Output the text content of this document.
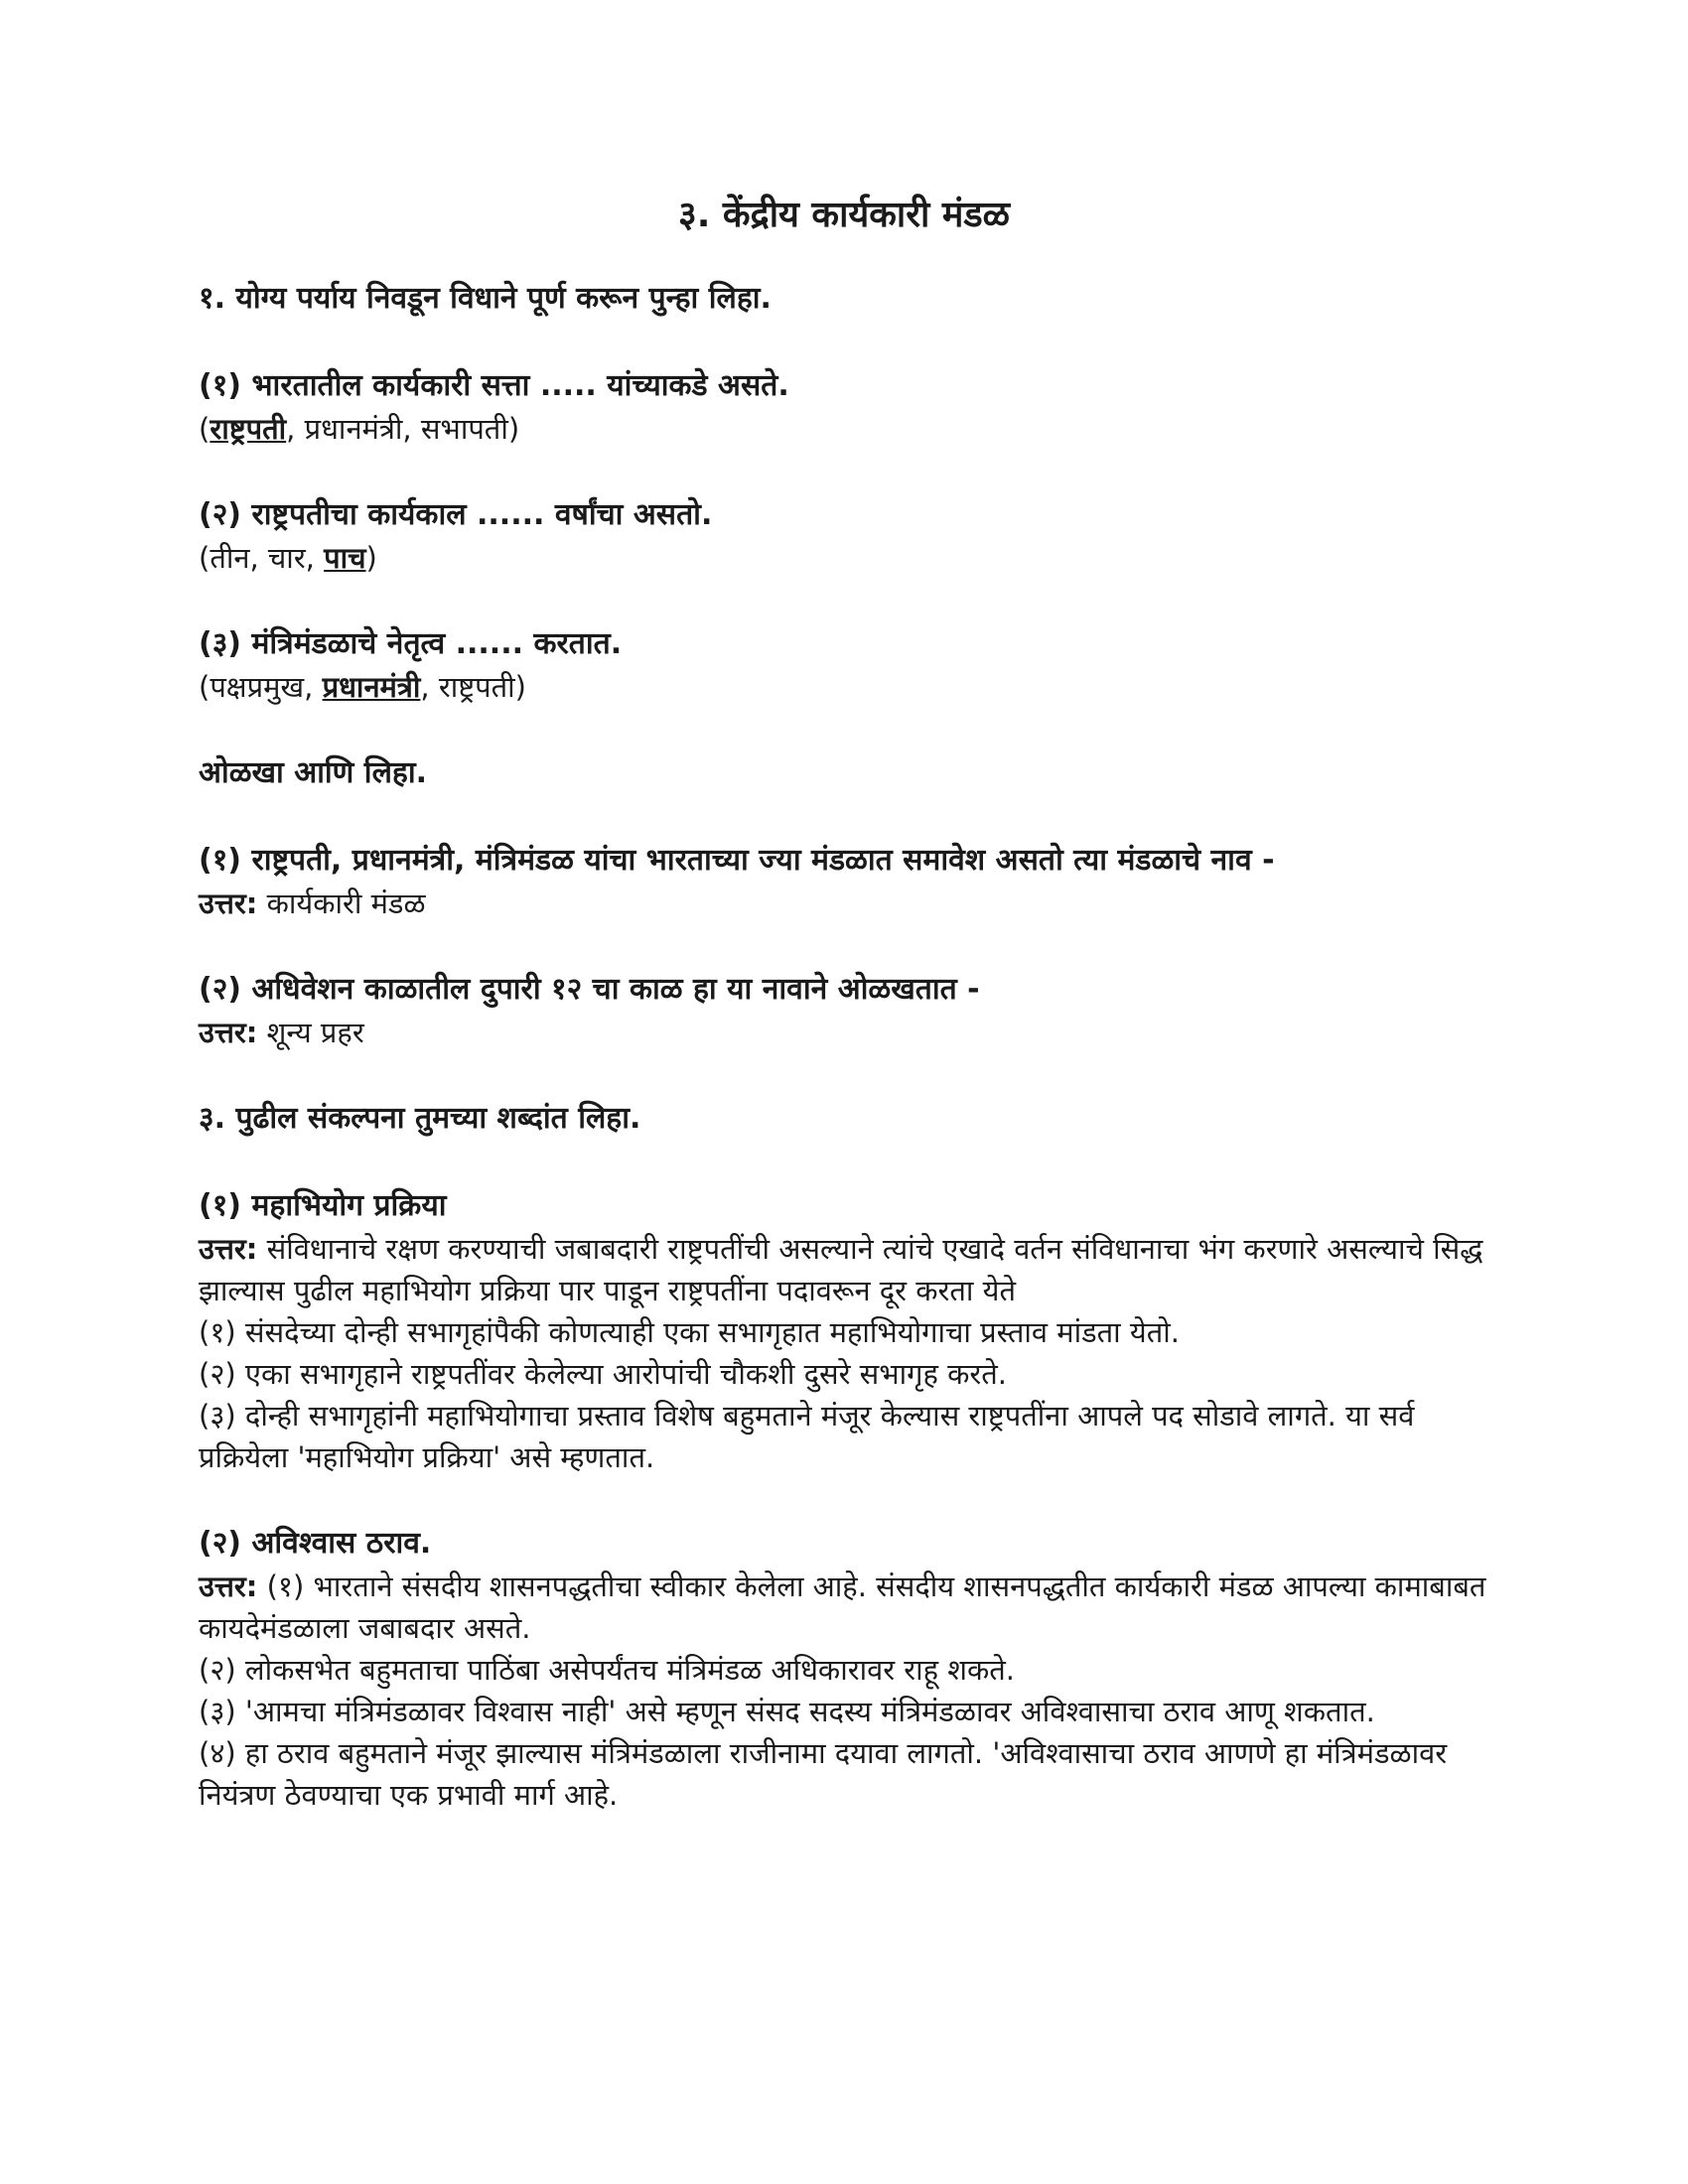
३. केंद्रीय कार्यकारी मंडळ

१. योग्य पर्याय निवडून विधाने पूर्ण करून पुन्हा लिहा.

(१) भारतातील कार्यकारी सत्ता ..... यांच्याकडे असते.

(राष्ट्रपती, प्रधानमंत्री, सभापती)

(२) राष्ट्रपतीचा कार्यकाल ...... वर्षांचा असतो.

(तीन, चार, पाच)

(३) मंत्रिमंडळाचे नेतृत्व ...... करतात.

(पक्षप्रमुख, प्रधानमंत्री, राष्ट्रपती)

ओळखा आणि लिहा.

(१) राष्ट्रपती, प्रधानमंत्री, मंत्रिमंडळ यांचा भारताच्या ज्या मंडळात समावेश असतो त्या मंडळाचे नाव -

उत्तर: कार्यकारी मंडळ

(२) अधिवेशन काळातील दुपारी १२ चा काळ हा या नावाने ओळखतात -

उत्तर: शून्य प्रहर

३. पुढील संकल्पना तुमच्या शब्दांत लिहा.

(१) महाभियोग प्रक्रिया

उत्तर: संविधानाचे रक्षण करण्याची जबाबदारी राष्ट्रपतींची असल्याने त्यांचे एखादे वर्तन संविधानाचा भंग करणारे असल्याचे सिद्ध झाल्यास पुढील महाभियोग प्रक्रिया पार पाडून राष्ट्रपतींना पदावरून दूर करता येते

(१) संसदेच्या दोन्ही सभागृहांपैकी कोणत्याही एका सभागृहात महाभियोगाचा प्रस्ताव मांडता येतो.

(२) एका सभागृहाने राष्ट्रपतींवर केलेल्या आरोपांची चौकशी दुसरे सभागृह करते.

(३) दोन्ही सभागृहांनी महाभियोगाचा प्रस्ताव विशेष बहुमताने मंजूर केल्यास राष्ट्रपतींना आपले पद सोडावे लागते. या सर्व प्रक्रियेला 'महाभियोग प्रक्रिया' असे म्हणतात.

(२) अविश्वास ठराव.

उत्तर: (१) भारताने संसदीय शासनपद्धतीचा स्वीकार केलेला आहे. संसदीय शासनपद्धतीत कार्यकारी मंडळ आपल्या कामाबाबत कायदेमंडळाला जबाबदार असते.

(२) लोकसभेत बहुमताचा पाठिंबा असेपर्यंतच मंत्रिमंडळ अधिकारावर राहू शकते.

(३) 'आमचा मंत्रिमंडळावर विश्वास नाही' असे म्हणून संसद सदस्य मंत्रिमंडळावर अविश्वासाचा ठराव आणू शकतात.

(४) हा ठराव बहुमताने मंजूर झाल्यास मंत्रिमंडळाला राजीनामा दयावा लागतो. 'अविश्वासाचा ठराव आणणे हा मंत्रिमंडळावर नियंत्रण ठेवण्याचा एक प्रभावी मार्ग आहे.
